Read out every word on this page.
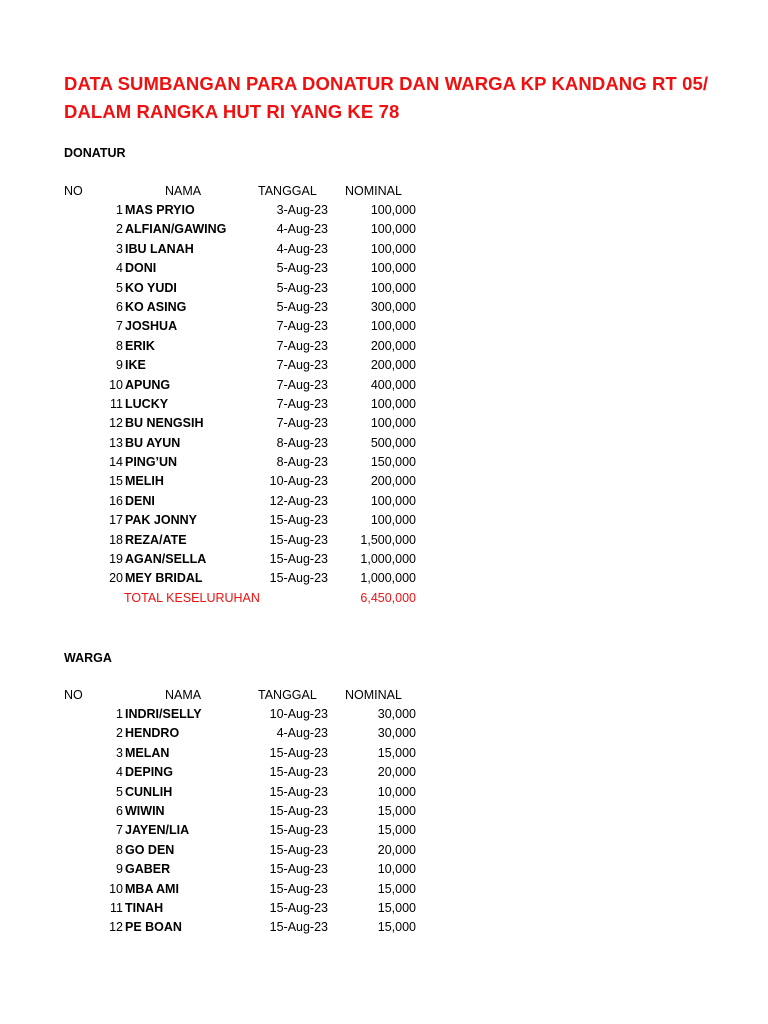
DATA SUMBANGAN PARA DONATUR DAN WARGA KP KANDANG RT 05/
DALAM RANGKA HUT RI YANG KE 78
DONATUR
NO	NAMA	TANGGAL NOMINAL
1 MAS PRYIO	3-Aug-23	100,000
2 ALFIAN/GAWING	4-Aug-23	100,000
3 IBU LANAH	4-Aug-23	100,000
4 DONI	5-Aug-23	100,000
5 KO YUDI	5-Aug-23	100,000
6 KO ASING	5-Aug-23	300,000
7 JOSHUA	7-Aug-23	100,000
8 ERIK	7-Aug-23	200,000
9 IKE	7-Aug-23	200,000
10 APUNG	7-Aug-23	400,000
11 LUCKY	7-Aug-23	100,000
12 BU NENGSIH	7-Aug-23	100,000
13 BU AYUN	8-Aug-23	500,000
14 PING’UN	8-Aug-23	150,000
15 MELIH	10-Aug-23	200,000
16 DENI	12-Aug-23	100,000
17 PAK JONNY	15-Aug-23	100,000
18 REZA/ATE	15-Aug-23	1,500,000
19 AGAN/SELLA	15-Aug-23	1,000,000
20 MEY BRIDAL	15-Aug-23	1,000,000
TOTAL KESELURUHAN	6,450,000
WARGA
NO	NAMA	TANGGAL NOMINAL
1 INDRI/SELLY	10-Aug-23	30,000
2 HENDRO	4-Aug-23	30,000
3 MELAN	15-Aug-23	15,000
4 DEPING	15-Aug-23	20,000
5 CUNLIH	15-Aug-23	10,000
6 WIWIN	15-Aug-23	15,000
7 JAYEN/LIA	15-Aug-23	15,000
8 GO DEN	15-Aug-23	20,000
9 GABER	15-Aug-23	10,000
10 MBA AMI	15-Aug-23	15,000
11 TINAH	15-Aug-23	15,000
12 PE BOAN	15-Aug-23	15,000
